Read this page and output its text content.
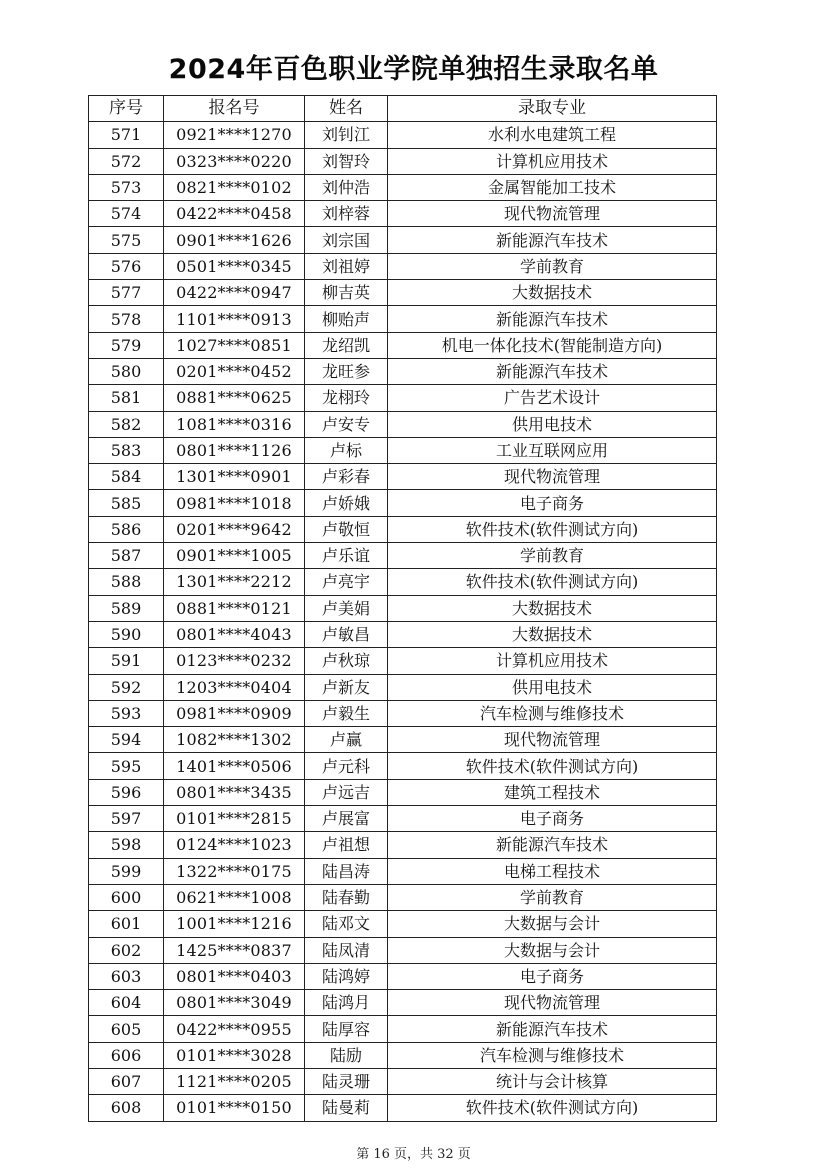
2024年百色职业学院单独招生录取名单
序号	报名号	姓名	录取专业
571	0921****1270	刘钊江	水利水电建筑工程
572	0323****0220	刘智玲	计算机应用技术
573	0821****0102	刘仲浩	金属智能加工技术
574	0422****0458	刘梓蓉	现代物流管理
575	0901****1626	刘宗国	新能源汽车技术
576	0501****0345	刘祖婷	学前教育
577	0422****0947	柳吉英	大数据技术
578	1101****0913	柳贻声	新能源汽车技术
579	1027****0851	龙绍凯	机电一体化技术(智能制造方向)
580	0201****0452	龙旺参	新能源汽车技术
581	0881****0625	龙栩玲	广告艺术设计
582	1081****0316	卢安专	供用电技术
583	0801****1126	卢标	工业互联网应用
584	1301****0901	卢彩春	现代物流管理
585	0981****1018	卢娇娥	电子商务
586	0201****9642	卢敬恒	软件技术(软件测试方向)
587	0901****1005	卢乐谊	学前教育
588	1301****2212	卢亮宇	软件技术(软件测试方向)
589	0881****0121	卢美娟	大数据技术
590	0801****4043	卢敏昌	大数据技术
591	0123****0232	卢秋琼	计算机应用技术
592	1203****0404	卢新友	供用电技术
593	0981****0909	卢毅生	汽车检测与维修技术
594	1082****1302	卢赢	现代物流管理
595	1401****0506	卢元科	软件技术(软件测试方向)
596	0801****3435	卢远吉	建筑工程技术
597	0101****2815	卢展富	电子商务
598	0124****1023	卢祖想	新能源汽车技术
599	1322****0175	陆昌涛	电梯工程技术
600	0621****1008	陆春勤	学前教育
601	1001****1216	陆邓文	大数据与会计
602	1425****0837	陆凤清	大数据与会计
603	0801****0403	陆鸿婷	电子商务
604	0801****3049	陆鸿月	现代物流管理
605	0422****0955	陆厚容	新能源汽车技术
606	0101****3028	陆励	汽车检测与维修技术
607	1121****0205	陆灵珊	统计与会计核算
608	0101****0150	陆曼莉	软件技术(软件测试方向)
第 16 页，共 32 页
